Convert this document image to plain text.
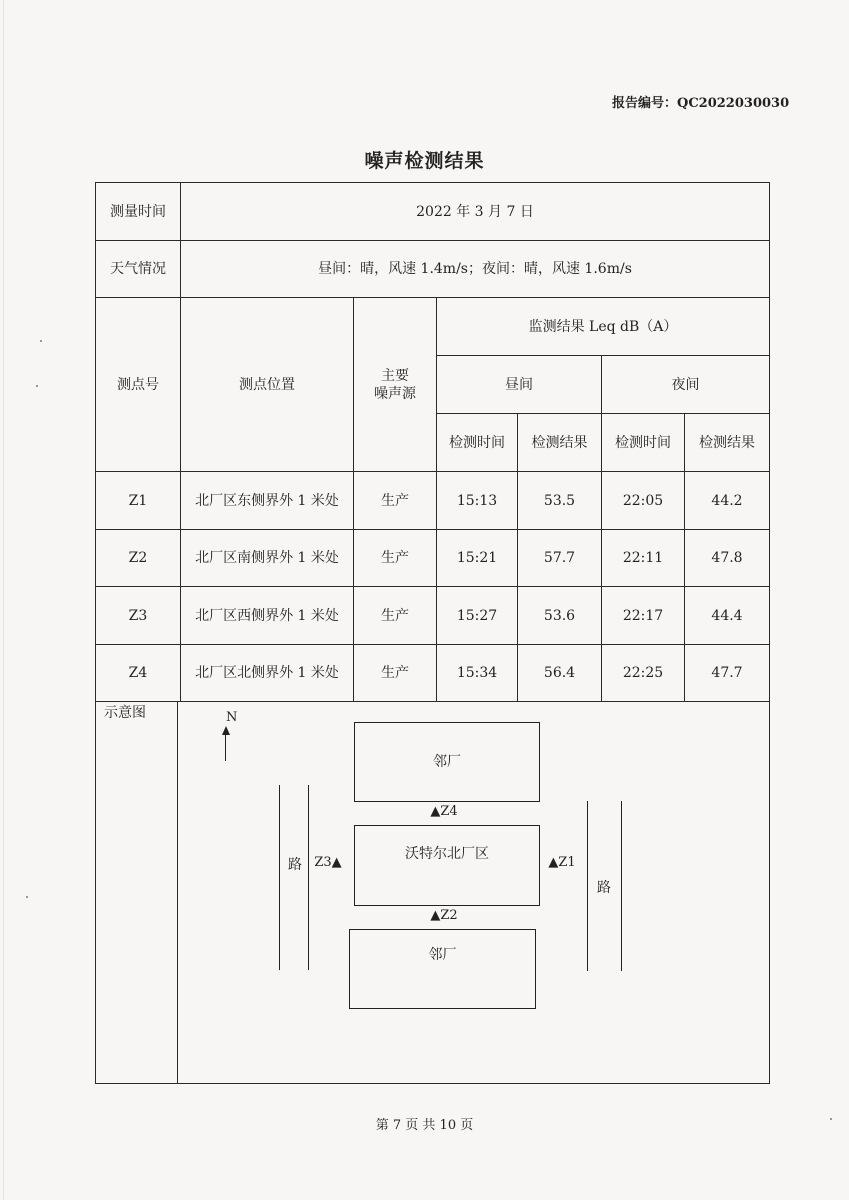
报告编号：QC2022030030
噪声检测结果
测量时间	2022 年 3 月 7 日
天气情况	昼间：晴，风速 1.4m/s；夜间：晴，风速 1.6m/s
测点号	测点位置
主要
噪声源
监测结果 Leq dB（A）
昼间	夜间
检测时间	检测结果	检测时间	检测结果
Z1	北厂区东侧界外 1 米处	生产	15:13	53.5	22:05	44.2
Z2	北厂区南侧界外 1 米处	生产	15:21	57.7	22:11	47.8
Z3	北厂区西侧界外 1 米处	生产	15:27	53.6	22:17	44.4
Z4	北厂区北侧界外 1 米处	生产	15:34	56.4	22:25	47.7
示意图	N
邻厂
▲Z4
沃特尔北厂区
Z3▲	▲Z1
▲Z2
邻厂
路
路
第 7 页 共 10 页
